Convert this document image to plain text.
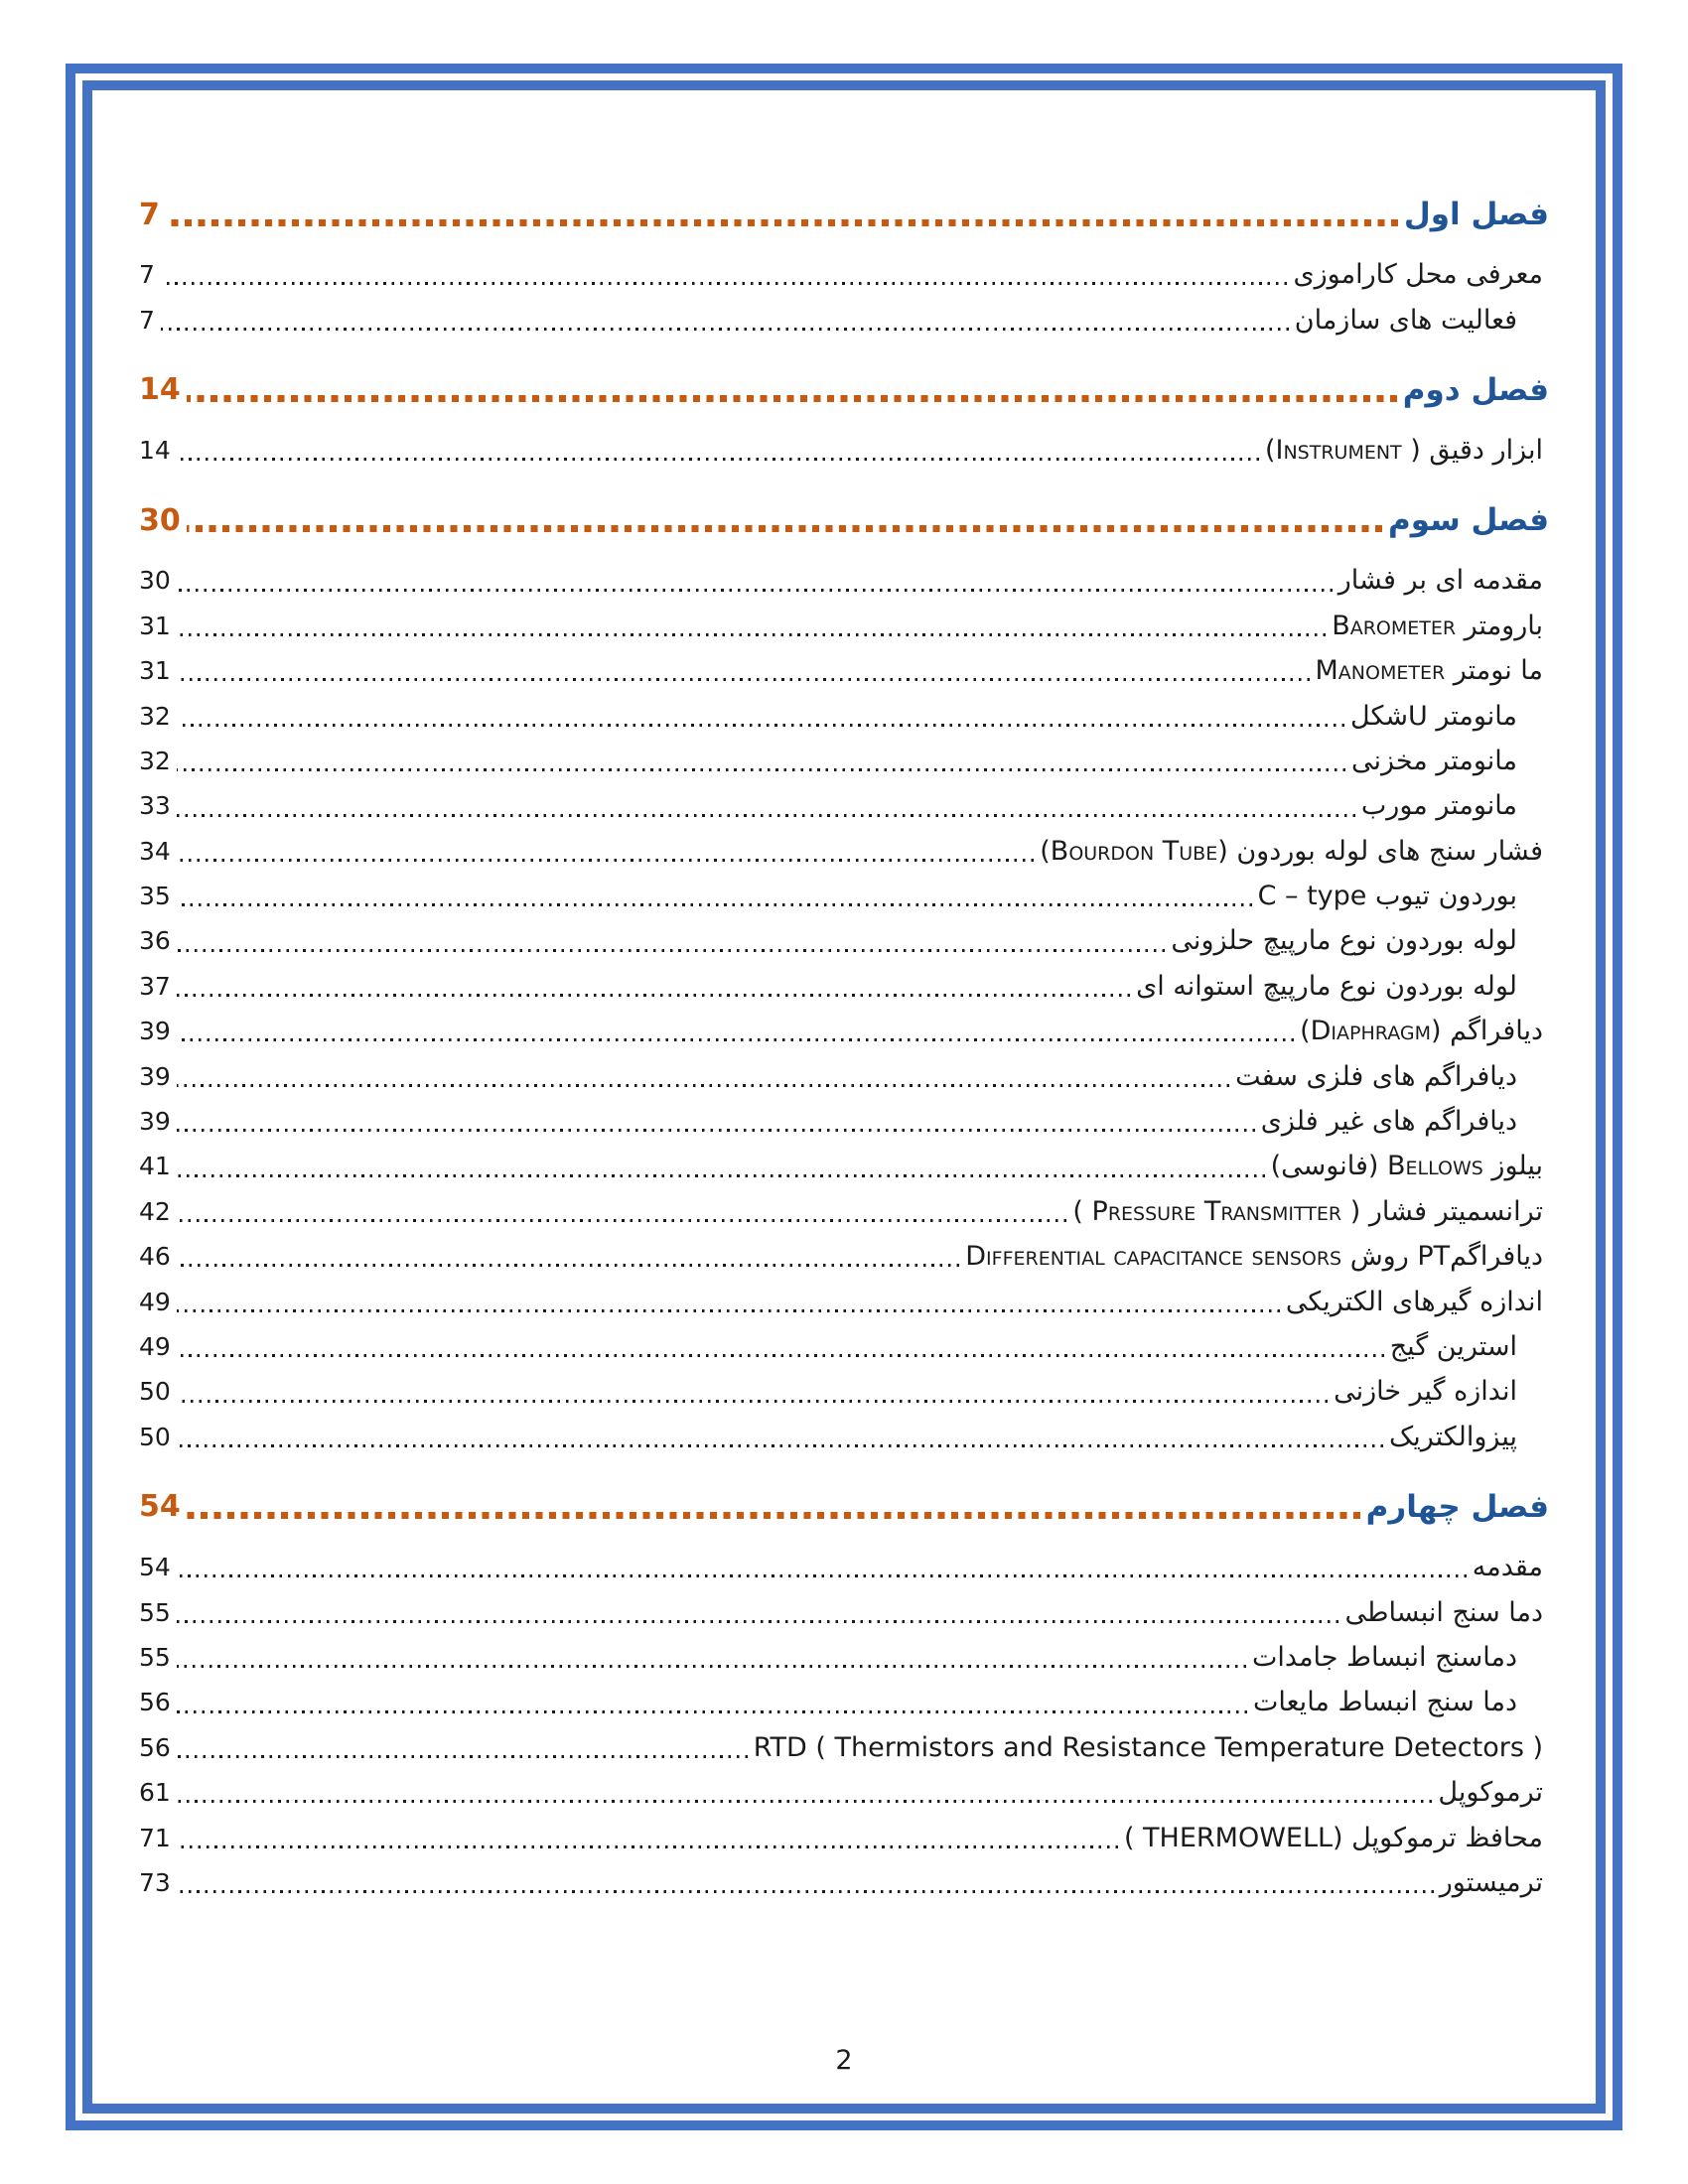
فصل اول
7
معرفی محل کاراموزی
7
فعالیت های سازمان
7
فصل دوم
14
ابزار دقیق ‎(Instrument )‎
14
فصل سوم
30
مقدمه ای بر فشار
30
بارومتر ‎Barometer‎
31
ما نومتر ‎Manometer‎
31
مانومتر Uشکل
32
مانومتر مخزنی
32
مانومتر مورب
33
فشار سنج های لوله بوردون ‎(Bourdon Tube)‎
34
بوردون تیوب ‎C – type‎
35
لوله بوردون نوع مارپیچ حلزونی
36
لوله بوردون نوع مارپیچ استوانه ای
37
دیافراگم ‎(Diaphragm)‎
39
دیافراگم های فلزی سفت
39
دیافراگم های غیر فلزی
39
بیلوز ‎Bellows‎ (فانوسی)
41
ترانسمیتر فشار ‎( Pressure Transmitter )‎
42
دیافراگم‎PT‎ روش ‎Differential capacitance sensors‎
46
اندازه گیرهای الکتریکی
49
استرین گیج
49
اندازه گیر خازنی
50
پیزوالکتریک
50
فصل چهارم
54
مقدمه
54
دما سنج انبساطی
55
دماسنج انبساط جامدات
55
دما سنج انبساط مایعات
56
‎RTD ( Thermistors and Resistance Temperature Detectors )‎
56
ترموکوپل
61
محافظ ترموکوپل ‎( THERMOWELL)‎
71
ترمیستور
73
2
